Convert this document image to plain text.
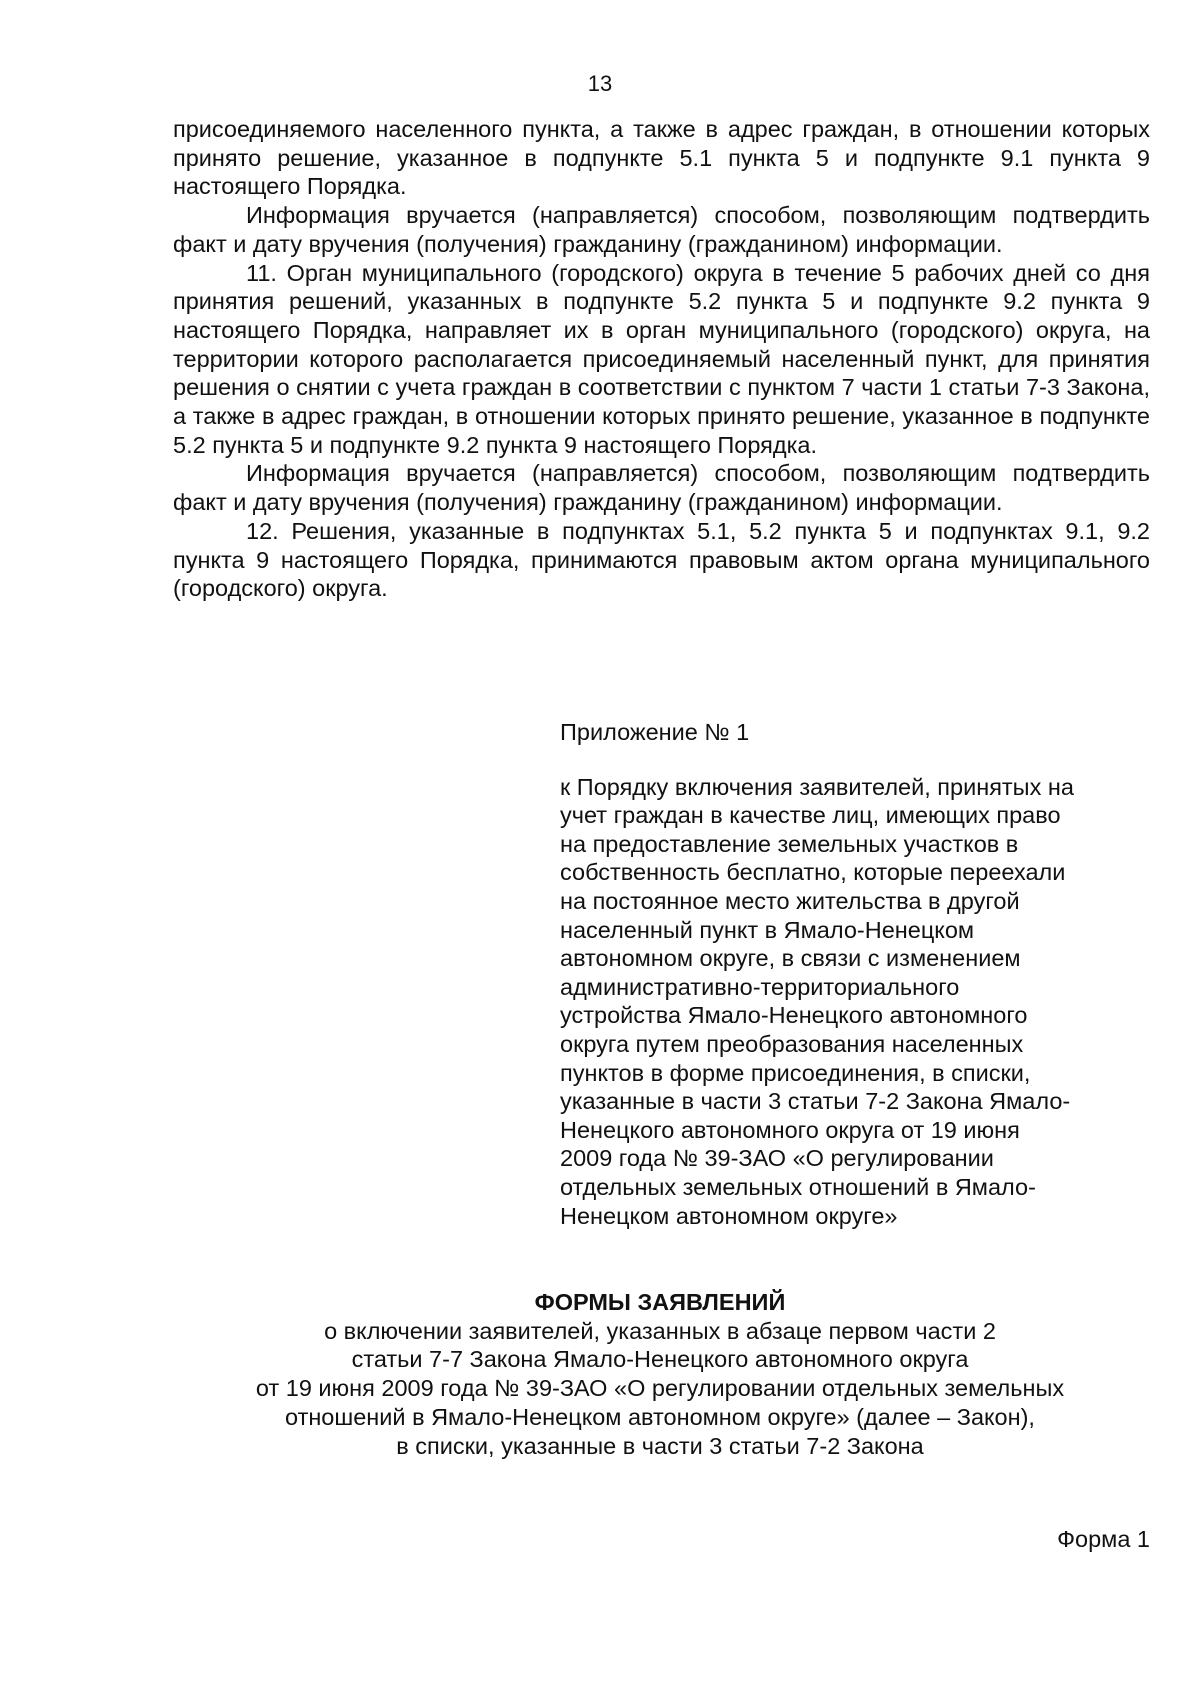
13

присоединяемого населенного пункта, а также в адрес граждан, в отношении которых принято решение, указанное в подпункте 5.1 пункта 5 и подпункте 9.1 пункта 9 настоящего Порядка.

Информация вручается (направляется) способом, позволяющим подтвердить факт и дату вручения (получения) гражданину (гражданином) информации.

11. Орган муниципального (городского) округа в течение 5 рабочих дней со дня принятия решений, указанных в подпункте 5.2 пункта 5 и подпункте 9.2 пункта 9 настоящего Порядка, направляет их в орган муниципального (городского) округа, на территории которого располагается присоединяемый населенный пункт, для принятия решения о снятии с учета граждан в соответствии с пунктом 7 части 1 статьи 7-3 Закона, а также в адрес граждан, в отношении которых принято решение, указанное в подпункте 5.2 пункта 5 и подпункте 9.2 пункта 9 настоящего Порядка.

Информация вручается (направляется) способом, позволяющим подтвердить факт и дату вручения (получения) гражданину (гражданином) информации.

12. Решения, указанные в подпунктах 5.1, 5.2 пункта 5 и подпунктах 9.1, 9.2 пункта 9 настоящего Порядка, принимаются правовым актом органа муниципального (городского) округа.

Приложение № 1

к Порядку включения заявителей, принятых на
учет граждан в качестве лиц, имеющих право
на предоставление земельных участков в
собственность бесплатно, которые переехали
на постоянное место жительства в другой
населенный пункт в Ямало-Ненецком
автономном округе, в связи с изменением
административно-территориального
устройства Ямало-Ненецкого автономного
округа путем преобразования населенных
пунктов в форме присоединения, в списки,
указанные в части 3 статьи 7-2 Закона Ямало-
Ненецкого автономного округа от 19 июня
2009 года № 39-ЗАО «О регулировании
отдельных земельных отношений в Ямало-
Ненецком автономном округе»
ФОРМЫ ЗАЯВЛЕНИЙ
о включении заявителей, указанных в абзаце первом части 2
статьи 7-7 Закона Ямало-Ненецкого автономного округа
от 19 июня 2009 года № 39-ЗАО «О регулировании отдельных земельных
отношений в Ямало-Ненецком автономном округе» (далее – Закон),
в списки, указанные в части 3 статьи 7-2 Закона
Форма 1
